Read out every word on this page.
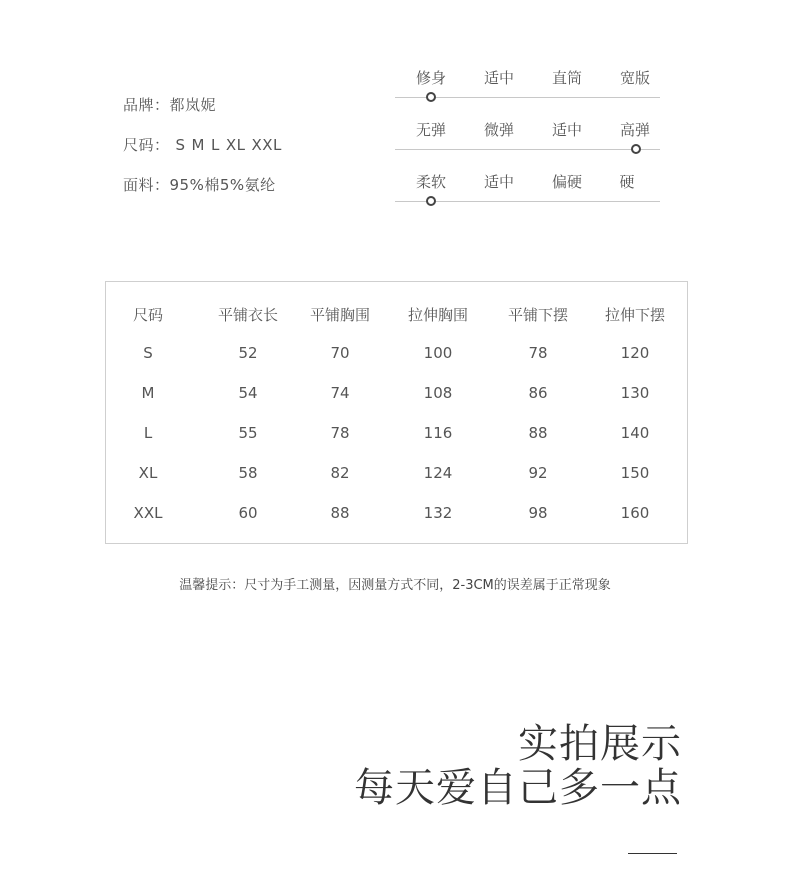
品牌：都岚妮
尺码： S M L XL XXL
面料：95%棉5%氨纶
修身	适中	直筒	宽版
无弹	微弹	适中	高弹
柔软	适中	偏硬 硬
尺码	平铺衣长 平铺胸围	拉伸胸围	平铺下摆 拉伸下摆
S	52	70	100	78	120
M	54	74	108	86	130
L	55	78	116	88	140
XL	58	82	124	92	150
XXL	60	88	132	98	160
温馨提示：尺寸为手工测量，因测量方式不同，2-3CM的误差属于正常现象
实拍展示
每天爱自己多一点
